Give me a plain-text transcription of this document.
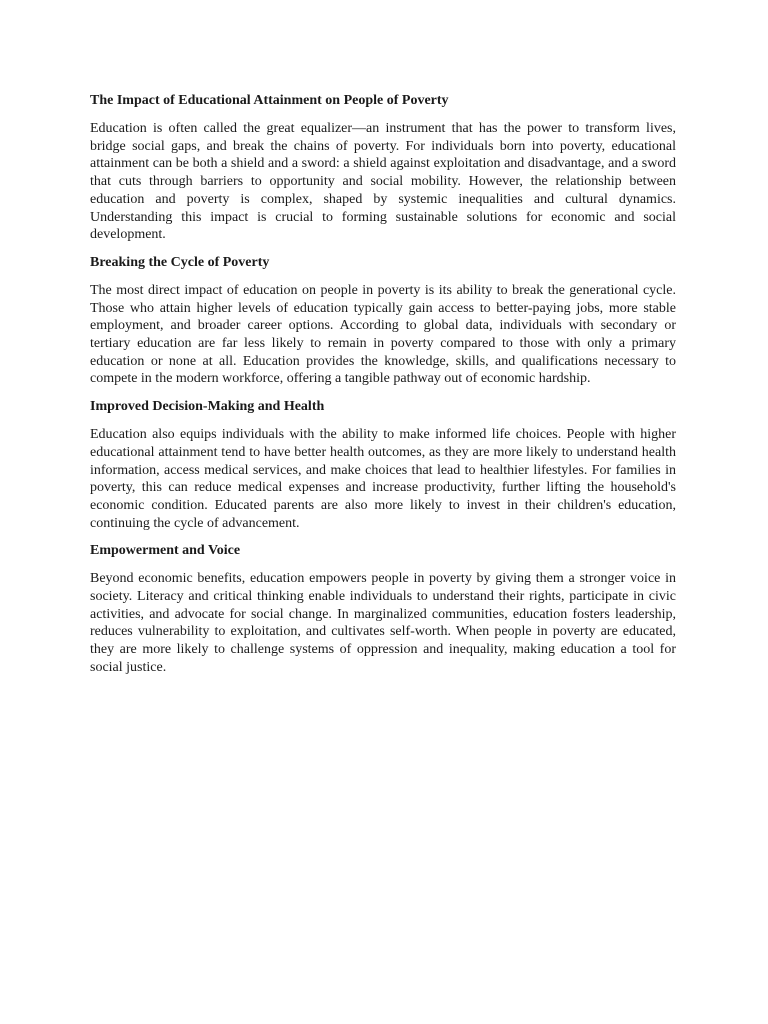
The Impact of Educational Attainment on People of Poverty

Education is often called the great equalizer—an instrument that has the power to transform lives, bridge social gaps, and break the chains of poverty. For individuals born into poverty, educational attainment can be both a shield and a sword: a shield against exploitation and disadvantage, and a sword that cuts through barriers to opportunity and social mobility. However, the relationship between education and poverty is complex, shaped by systemic inequalities and cultural dynamics. Understanding this impact is crucial to forming sustainable solutions for economic and social development.

Breaking the Cycle of Poverty

The most direct impact of education on people in poverty is its ability to break the generational cycle. Those who attain higher levels of education typically gain access to better-paying jobs, more stable employment, and broader career options. According to global data, individuals with secondary or tertiary education are far less likely to remain in poverty compared to those with only a primary education or none at all. Education provides the knowledge, skills, and qualifications necessary to compete in the modern workforce, offering a tangible pathway out of economic hardship.

Improved Decision-Making and Health

Education also equips individuals with the ability to make informed life choices. People with higher educational attainment tend to have better health outcomes, as they are more likely to understand health information, access medical services, and make choices that lead to healthier lifestyles. For families in poverty, this can reduce medical expenses and increase productivity, further lifting the household's economic condition. Educated parents are also more likely to invest in their children's education, continuing the cycle of advancement.

Empowerment and Voice

Beyond economic benefits, education empowers people in poverty by giving them a stronger voice in society. Literacy and critical thinking enable individuals to understand their rights, participate in civic activities, and advocate for social change. In marginalized communities, education fosters leadership, reduces vulnerability to exploitation, and cultivates self-worth. When people in poverty are educated, they are more likely to challenge systems of oppression and inequality, making education a tool for social justice.
